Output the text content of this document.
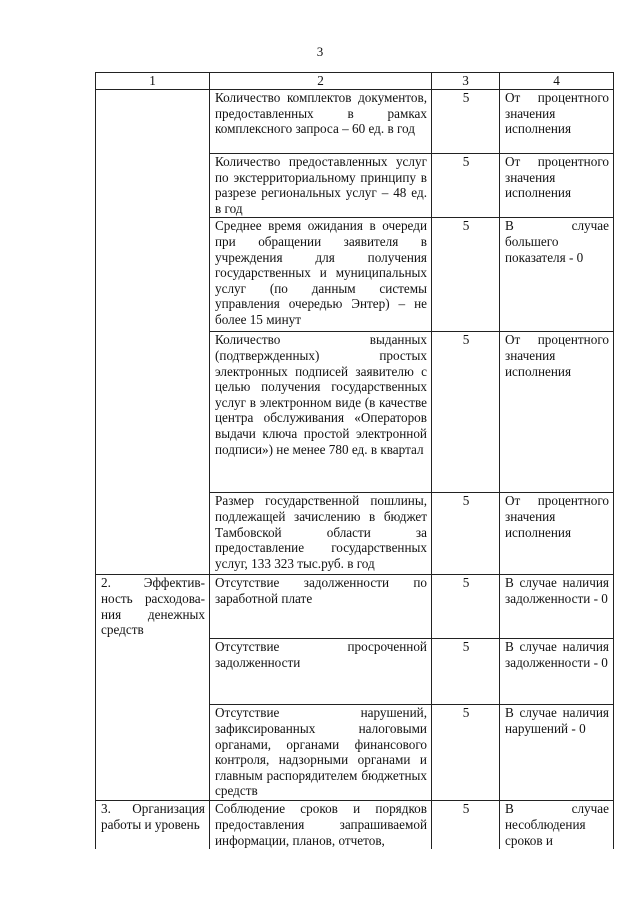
3
1	2	3	4
	Количество комплектов документов, предоставленных в рамках комплексного запроса – 60 ед. в год	5	От процентного значения исполнения
	Количество предоставленных услуг по экстерриториальному принципу в разрезе региональных услуг – 48 ед. в год	5	От процентного значения исполнения
	Среднее время ожидания в очереди при обращении заявителя в учреждения для получения государственных и муниципальных услуг (по данным системы управления очередью Энтер) – не более 15 минут	5	В случае большего показателя - 0
	Количество выданных (подтвержденных) простых электронных подписей заявителю с целью получения государственных услуг в электронном виде (в качестве центра обслуживания «Операторов выдачи ключа простой электронной подписи») не менее 780 ед. в квартал	5	От процентного значения исполнения
	Размер государственной пошлины, подлежащей зачислению в бюджет Тамбовской области за предоставление государственных услуг, 133 323 тыс.руб. в год	5	От процентного значения исполнения
2. Эффектив-ность расходова-ния денежных средств	Отсутствие задолженности по заработной плате	5	В случае наличия задолженности - 0
	Отсутствие просроченной задолженности	5	В случае наличия задолженности - 0
	Отсутствие нарушений, зафиксированных налоговыми органами, органами финансового контроля, надзорными органами и главным распорядителем бюджетных средств	5	В случае наличия нарушений - 0
3. Организация работы и уровень	Соблюдение сроков и порядков предоставления запрашиваемой информации, планов, отчетов,	5	В случае несоблюдения сроков и
